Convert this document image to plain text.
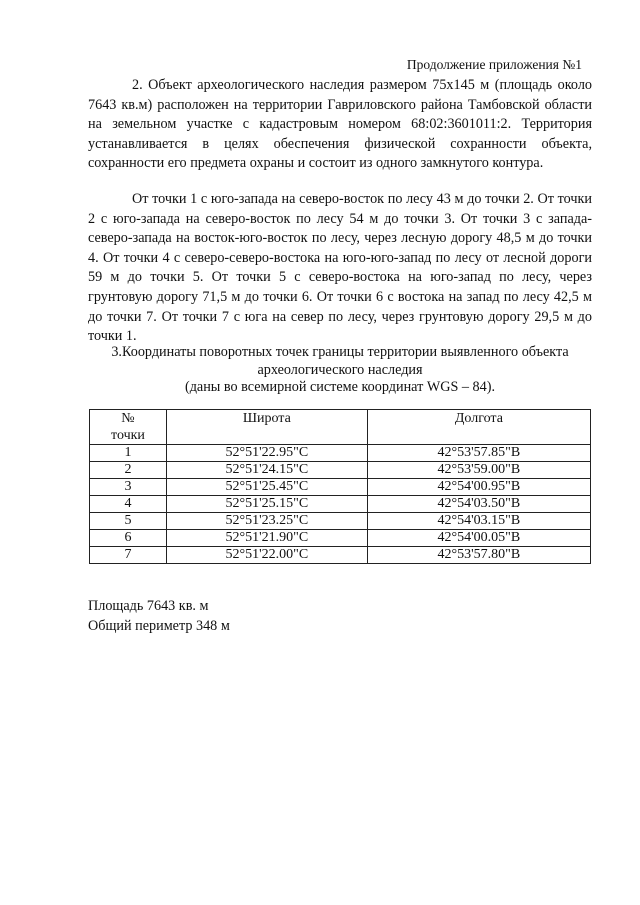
Продолжение приложения №1
2. Объект археологического наследия размером 75х145 м (площадь около 7643 кв.м) расположен на территории Гавриловского района Тамбовской области на земельном участке с кадастровым номером 68:02:3601011:2. Территория устанавливается в целях обеспечения физической сохранности объекта, сохранности его предмета охраны и состоит из одного замкнутого контура.
От точки 1 с юго-запада на северо-восток по лесу 43 м до точки 2. От точки 2 с юго-запада на северо-восток по лесу 54 м до точки 3. От точки 3 с запада-северо-запада на восток-юго-восток по лесу, через лесную дорогу 48,5 м до точки 4. От точки 4 с северо-северо-востока на юго-юго-запад по лесу от лесной дороги 59 м до точки 5. От точки 5 с северо-востока на юго-запад по лесу, через грунтовую дорогу 71,5 м до точки 6. От точки 6 с востока на запад по лесу 42,5 м до точки 7. От точки 7 с юга на север по лесу, через грунтовую дорогу 29,5 м до точки 1.
3.Координаты поворотных точек границы территории выявленного объекта
археологического наследия
(даны во всемирной системе координат WGS – 84).
№
точки	Широта	Долгота
1	52°51'22.95"С	42°53'57.85"В
2	52°51'24.15"С	42°53'59.00"В
3	52°51'25.45"С	42°54'00.95"В
4	52°51'25.15"С	42°54'03.50"В
5	52°51'23.25"С	42°54'03.15"В
6	52°51'21.90"С	42°54'00.05"В
7	52°51'22.00"С	42°53'57.80"В
Площадь 7643 кв. м
Общий периметр 348 м
